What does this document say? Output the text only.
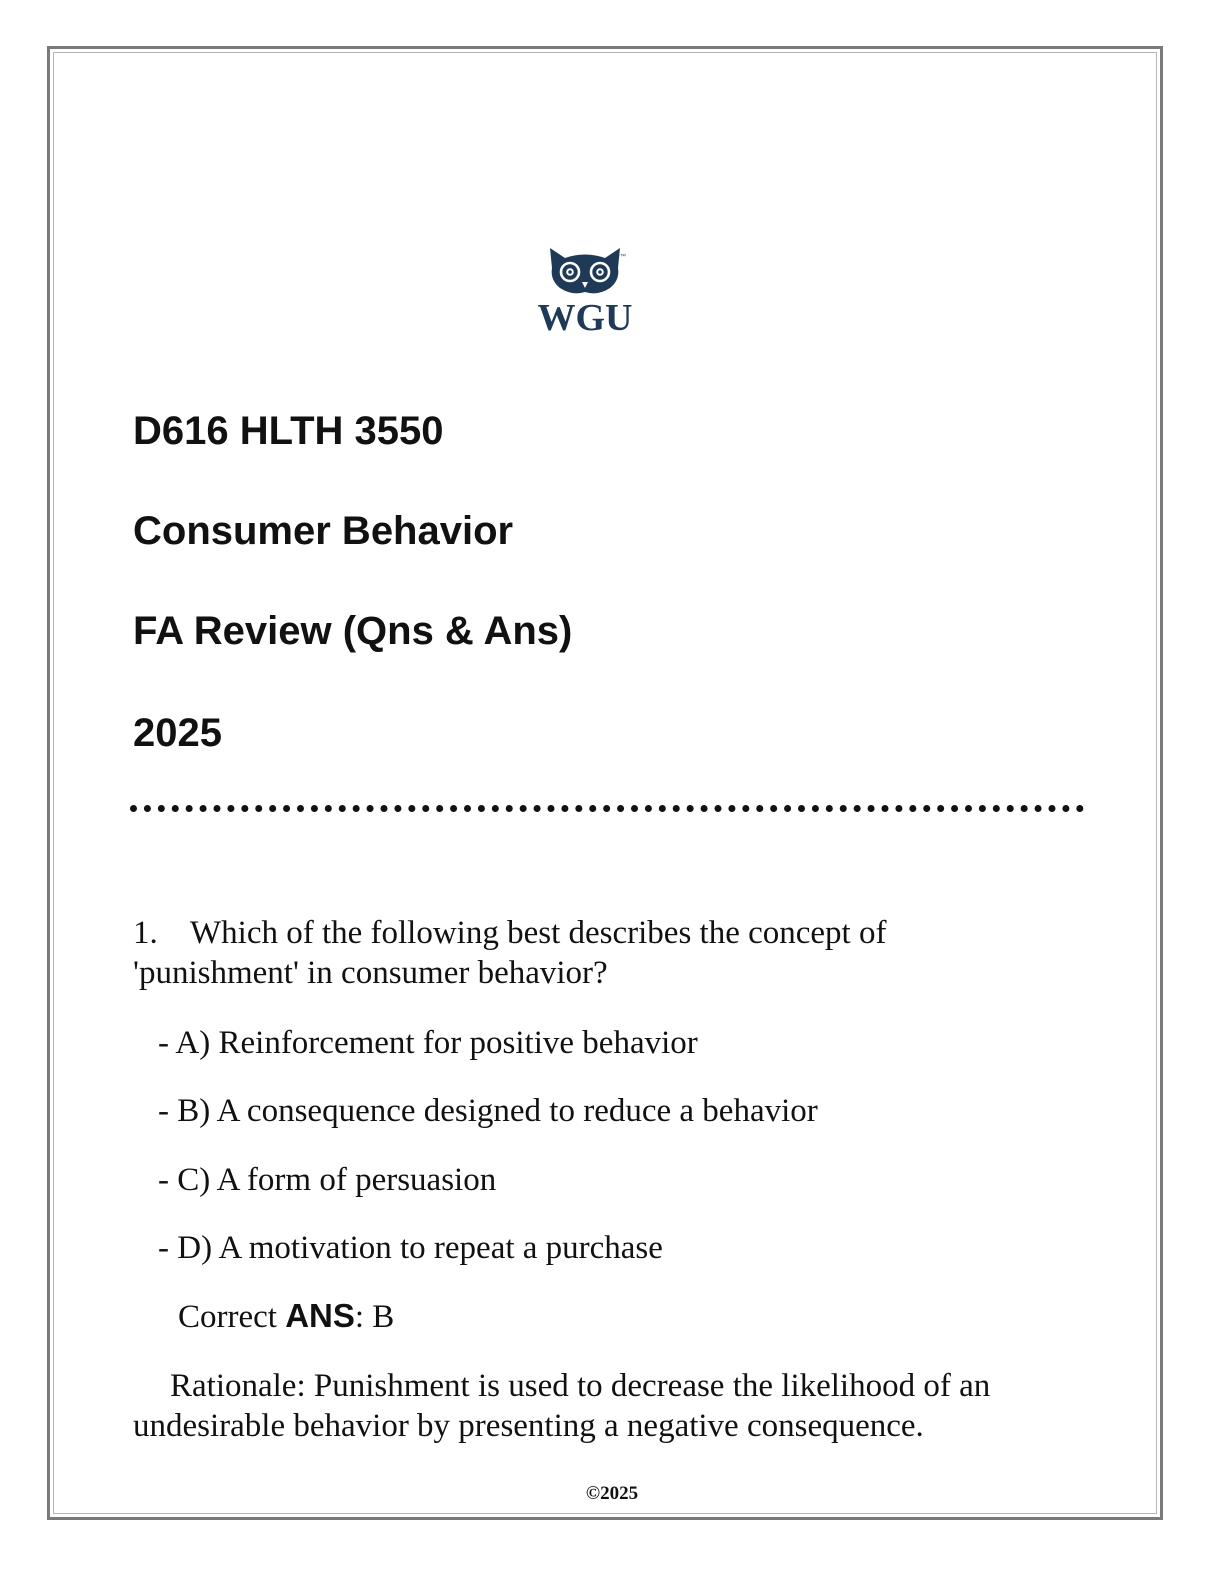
™
WGU
D616 HLTH 3550
Consumer Behavior
FA Review (Qns & Ans)
2025

1. Which of the following best describes the concept of 'punishment' in consumer behavior?

- A) Reinforcement for positive behavior

- B) A consequence designed to reduce a behavior

- C) A form of persuasion

- D) A motivation to repeat a purchase

Correct ANS: B

Rationale: Punishment is used to decrease the likelihood of an undesirable behavior by presenting a negative consequence.

©2025
